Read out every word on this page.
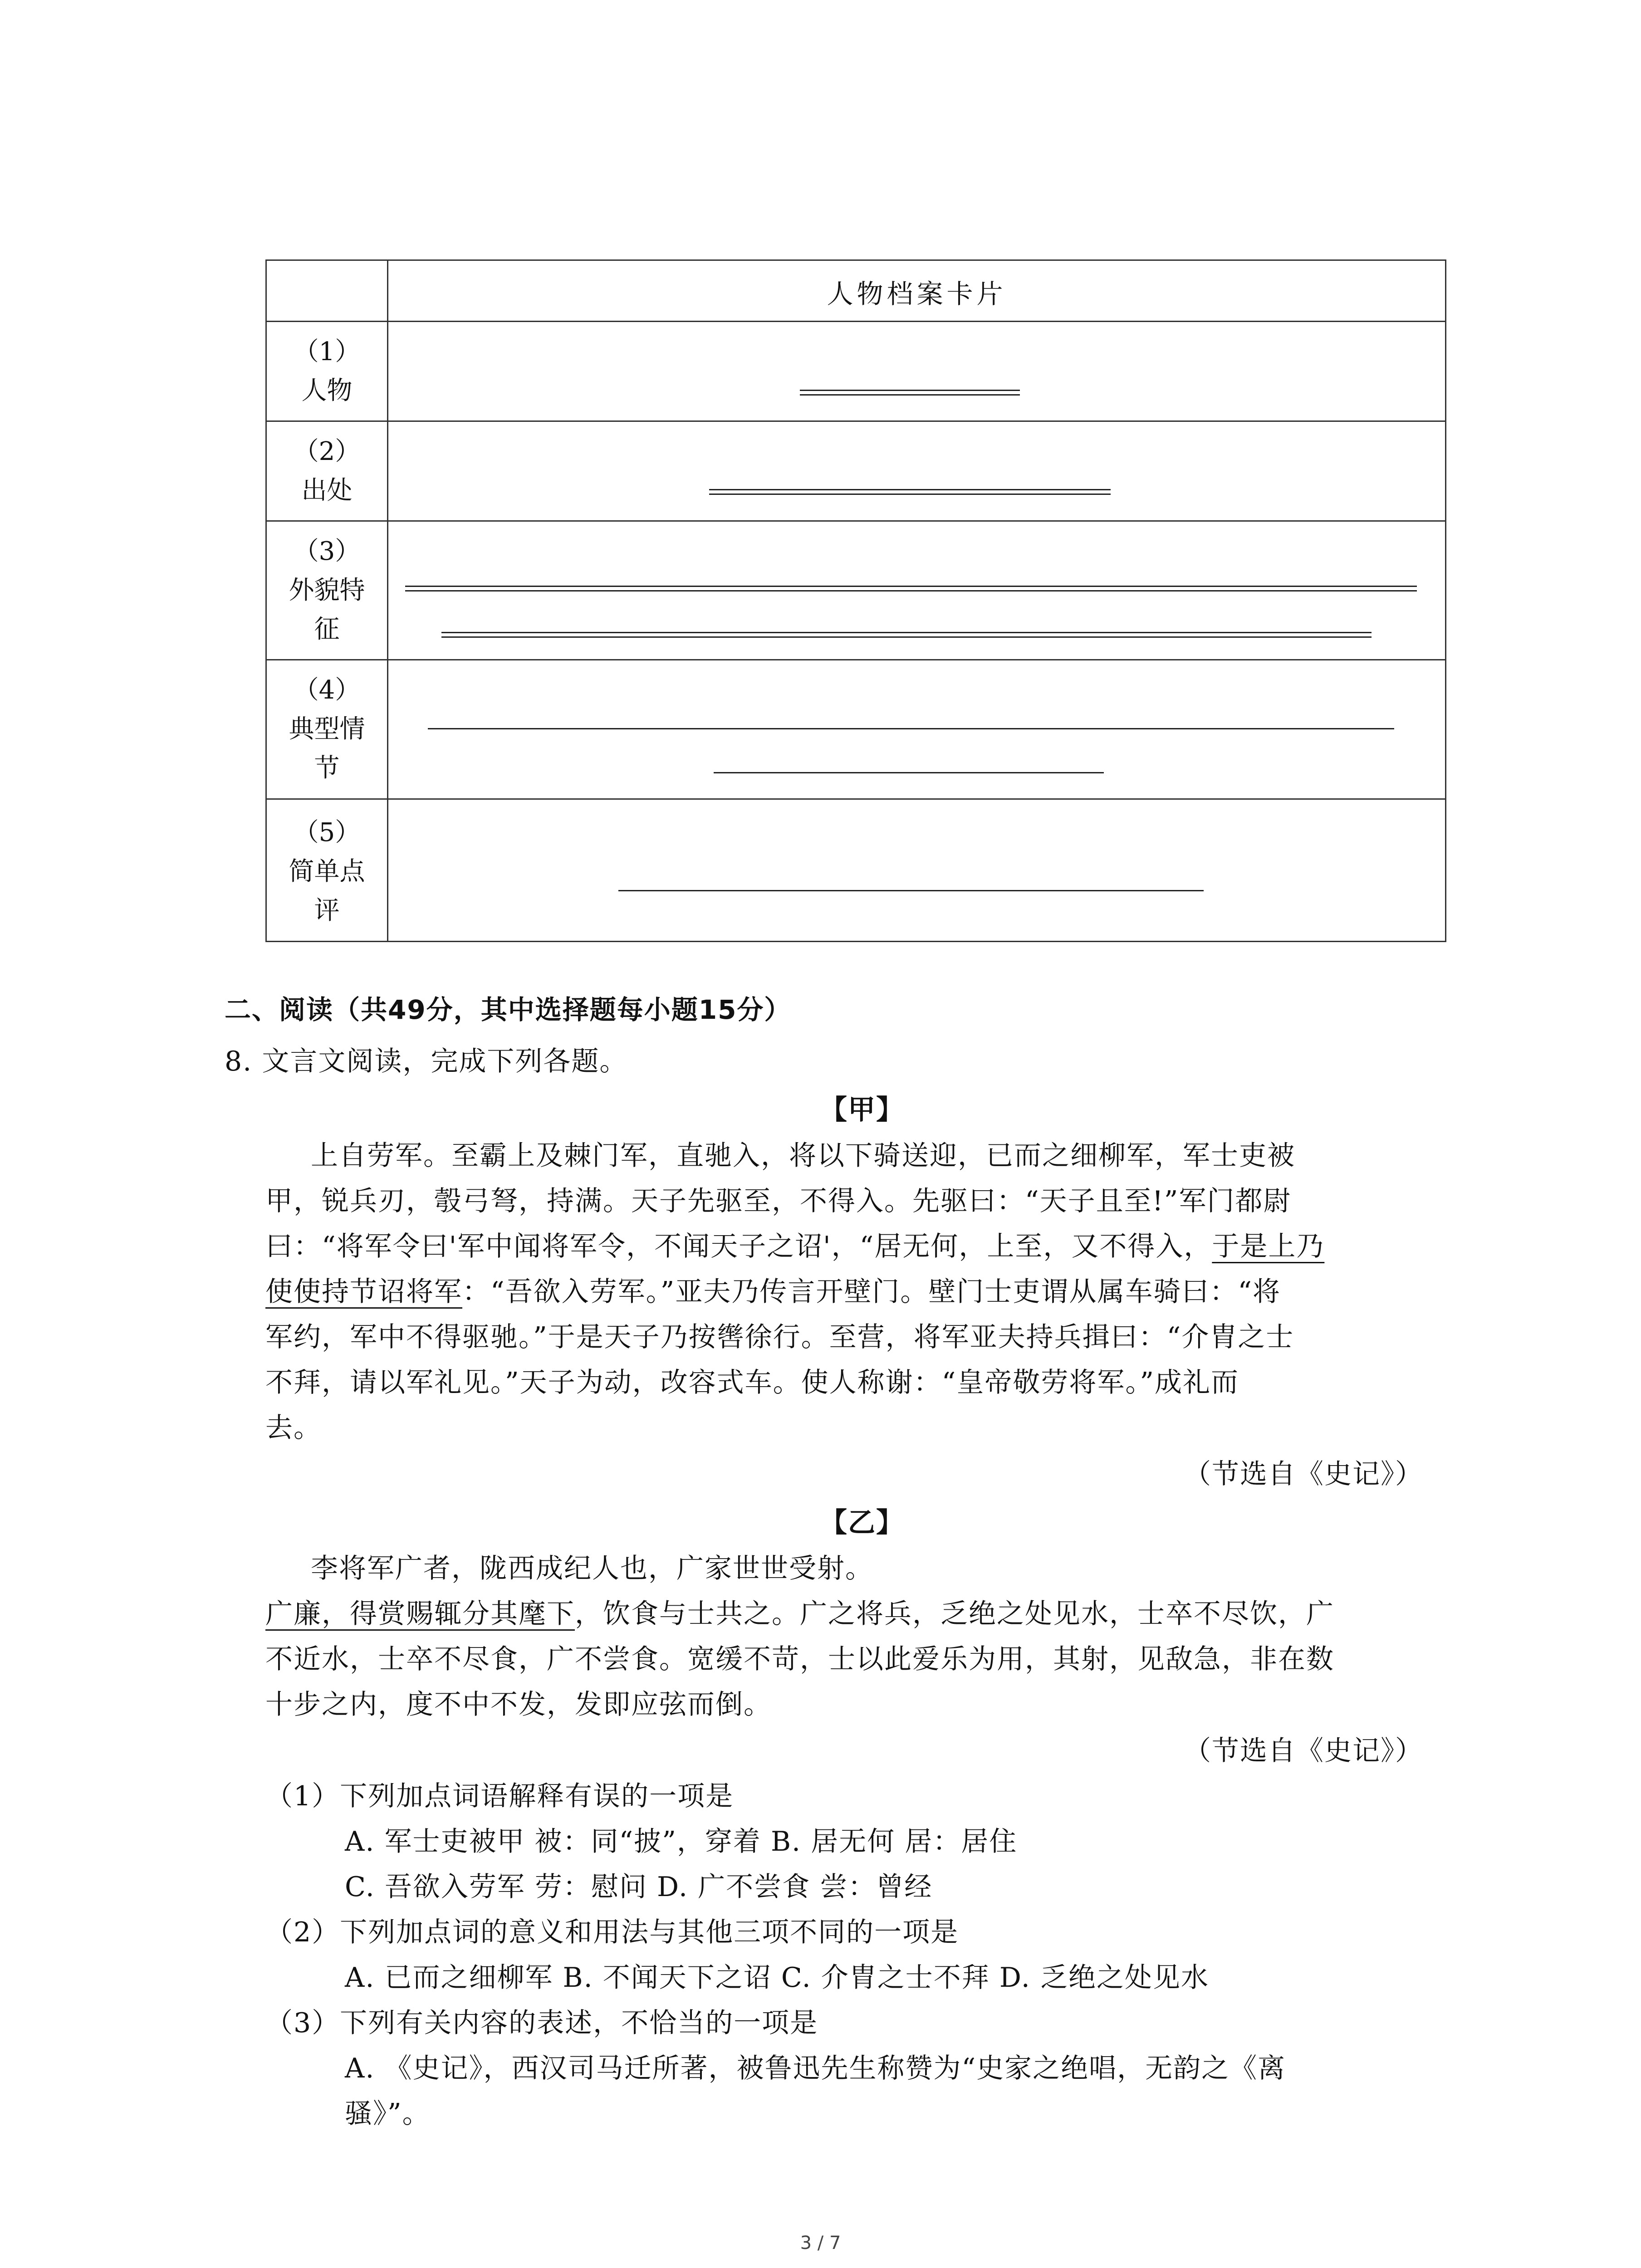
人物档案卡片
（1）
人物
（2）
出处
（3）
外貌特
征
（4）
典型情
节
（5）
简单点
评
二、阅读（共49分，其中选择题每小题15分）
8. 文言文阅读，完成下列各题。
【甲】
上自劳军。至霸上及棘门军，直驰入，将以下骑送迎，已而之细柳军，军士吏被
甲，锐兵刃，彀弓弩，持满。天子先驱至，不得入。先驱曰：“天子且至!”军门都尉
曰：“将军令曰'军中闻将军令，不闻天子之诏'，“居无何，上至，又不得入，于是上乃
使使持节诏将军：“吾欲入劳军。”亚夫乃传言开壁门。壁门士吏谓从属车骑曰：“将
军约，军中不得驱驰。”于是天子乃按辔徐行。至营，将军亚夫持兵揖曰：“介胄之士
不拜，请以军礼见。”天子为动，改容式车。使人称谢：“皇帝敬劳将军。”成礼而
去。
（节选自《史记》）
【乙】
李将军广者，陇西成纪人也，广家世世受射。
广廉，得赏赐辄分其麾下，饮食与士共之。广之将兵，乏绝之处见水，士卒不尽饮，广
不近水，士卒不尽食，广不尝食。宽缓不苛，士以此爱乐为用，其射，见敌急，非在数
十步之内，度不中不发，发即应弦而倒。
（节选自《史记》）
（1）下列加点词语解释有误的一项是
A. 军士吏被甲 被：同“披”，穿着 B. 居无何 居：居住
C. 吾欲入劳军 劳：慰问 D. 广不尝食 尝：曾经
（2）下列加点词的意义和用法与其他三项不同的一项是
A. 已而之细柳军 B. 不闻天下之诏 C. 介胄之士不拜 D. 乏绝之处见水
（3）下列有关内容的表述，不恰当的一项是
A. 《史记》，西汉司马迁所著，被鲁迅先生称赞为“史家之绝唱，无韵之《离
骚》”。
3 / 7
